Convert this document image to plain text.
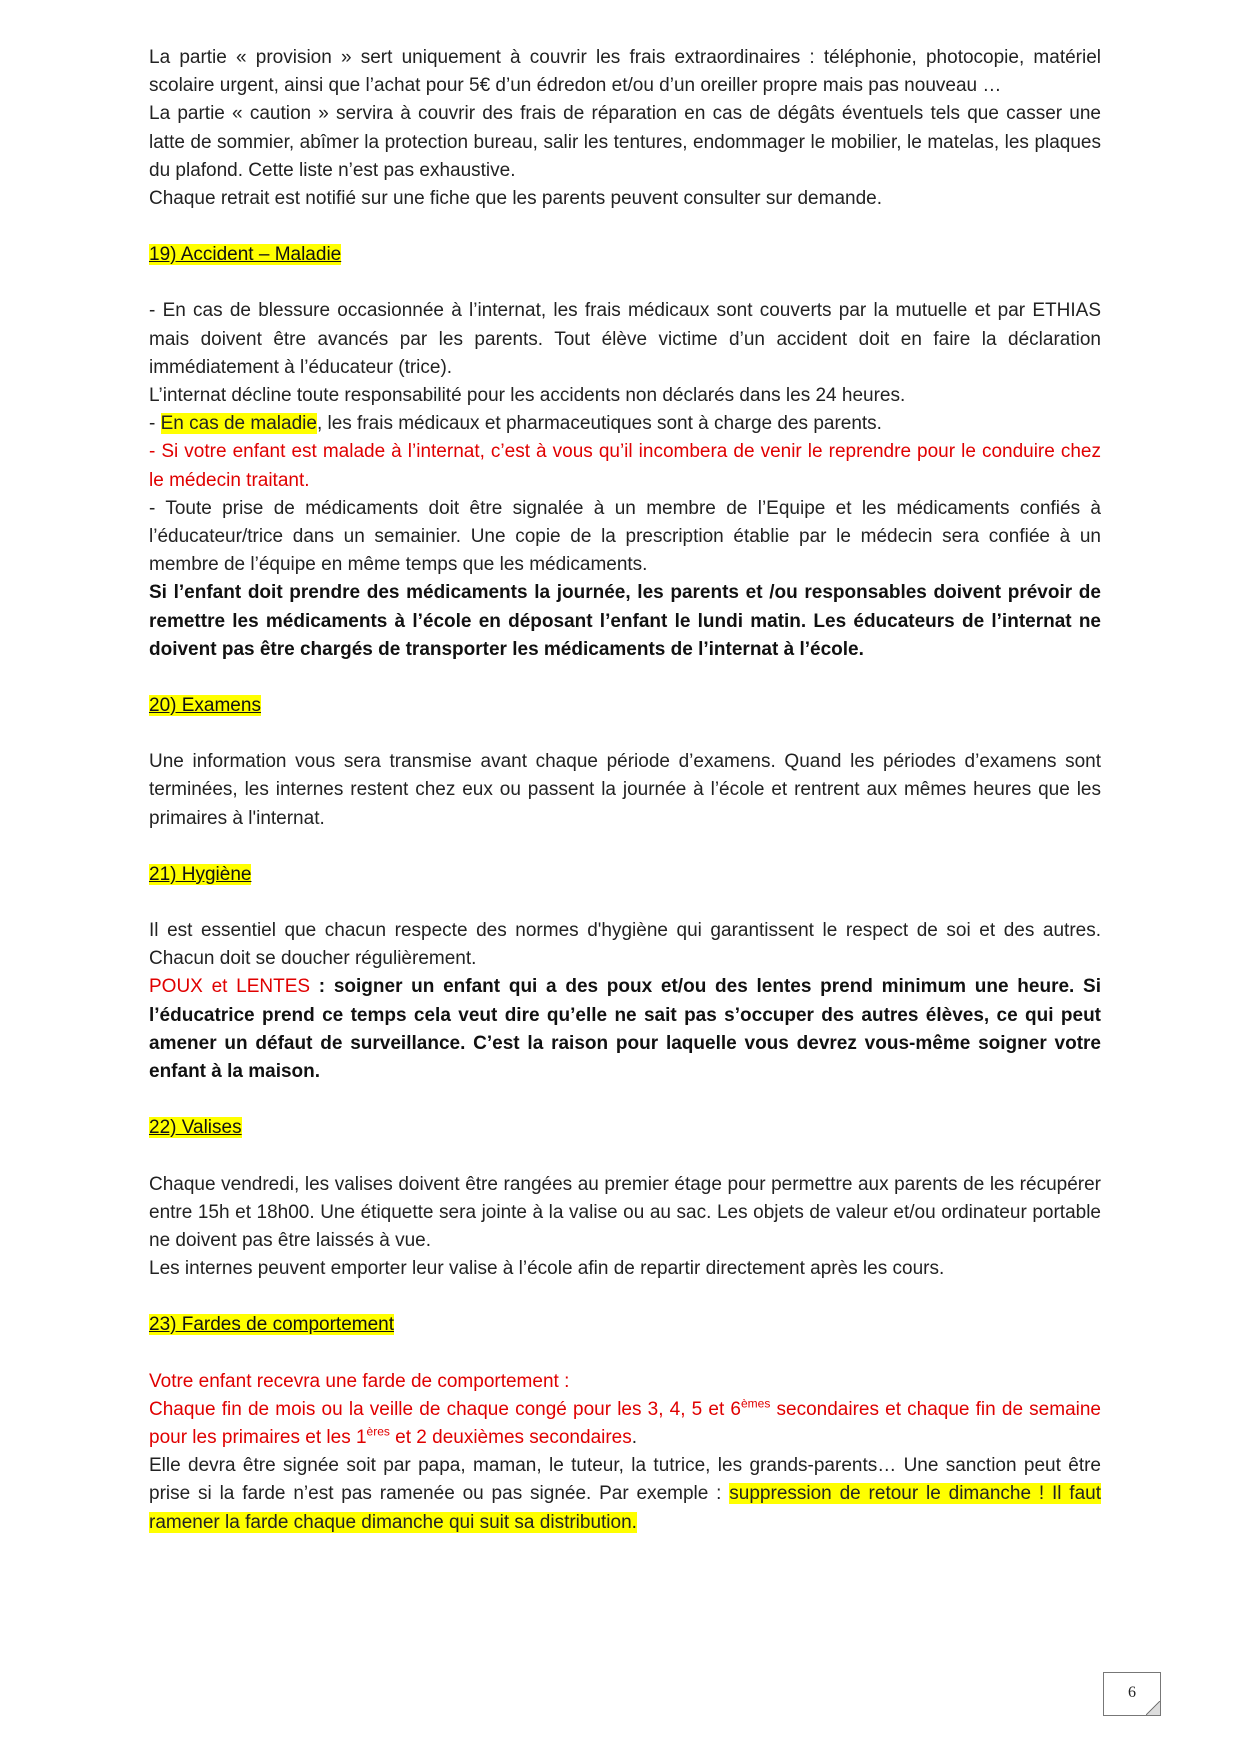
La partie « provision » sert uniquement à couvrir les frais extraordinaires : téléphonie, photocopie, matériel scolaire urgent, ainsi que l’achat pour 5€ d’un édredon et/ou d’un oreiller propre mais pas nouveau …

La partie « caution » servira à couvrir des frais de réparation en cas de dégâts éventuels tels que casser une latte de sommier, abîmer la protection bureau, salir les tentures, endommager le mobilier, le matelas, les plaques du plafond. Cette liste n’est pas exhaustive.

Chaque retrait est notifié sur une fiche que les parents peuvent consulter sur demande.

19) Accident – Maladie

- En cas de blessure occasionnée à l’internat, les frais médicaux sont couverts par la mutuelle et par ETHIAS mais doivent être avancés par les parents. Tout élève victime d’un accident doit en faire la déclaration immédiatement à l’éducateur (trice).

L’internat décline toute responsabilité pour les accidents non déclarés dans les 24 heures.

- En cas de maladie, les frais médicaux et pharmaceutiques sont à charge des parents.

- Si votre enfant est malade à l’internat, c’est à vous qu’il incombera de venir le reprendre pour le conduire chez le médecin traitant.

- Toute prise de médicaments doit être signalée à un membre de l’Equipe et les médicaments confiés à l’éducateur/trice dans un semainier. Une copie de la prescription établie par le médecin sera confiée à un membre de l’équipe en même temps que les médicaments.

Si l’enfant doit prendre des médicaments la journée, les parents et /ou responsables doivent prévoir de remettre les médicaments à l’école en déposant l’enfant le lundi matin. Les éducateurs de l’internat ne doivent pas être chargés de transporter les médicaments de l’internat à l’école.

20) Examens

Une information vous sera transmise avant chaque période d’examens. Quand les périodes d’examens sont terminées, les internes restent chez eux ou passent la journée à l’école et rentrent aux mêmes heures que les primaires à l'internat.

21) Hygiène

Il est essentiel que chacun respecte des normes d'hygiène qui garantissent le respect de soi et des autres. Chacun doit se doucher régulièrement.

POUX et LENTES : soigner un enfant qui a des poux et/ou des lentes prend minimum une heure. Si l’éducatrice prend ce temps cela veut dire qu’elle ne sait pas s’occuper des autres élèves, ce qui peut amener un défaut de surveillance. C’est la raison pour laquelle vous devrez vous-même soigner votre enfant à la maison.

22) Valises

Chaque vendredi, les valises doivent être rangées au premier étage pour permettre aux parents de les récupérer entre 15h et 18h00. Une étiquette sera jointe à la valise ou au sac. Les objets de valeur et/ou ordinateur portable ne doivent pas être laissés à vue.

Les internes peuvent emporter leur valise à l’école afin de repartir directement après les cours.

23) Fardes de comportement

Votre enfant recevra une farde de comportement :

Chaque fin de mois ou la veille de chaque congé pour les 3, 4, 5 et 6èmes secondaires et chaque fin de semaine pour les primaires et les 1ères et 2 deuxièmes secondaires.

Elle devra être signée soit par papa, maman, le tuteur, la tutrice, les grands-parents… Une sanction peut être prise si la farde n’est pas ramenée ou pas signée. Par exemple : suppression de retour le dimanche ! Il faut ramener la farde chaque dimanche qui suit sa distribution.

6
